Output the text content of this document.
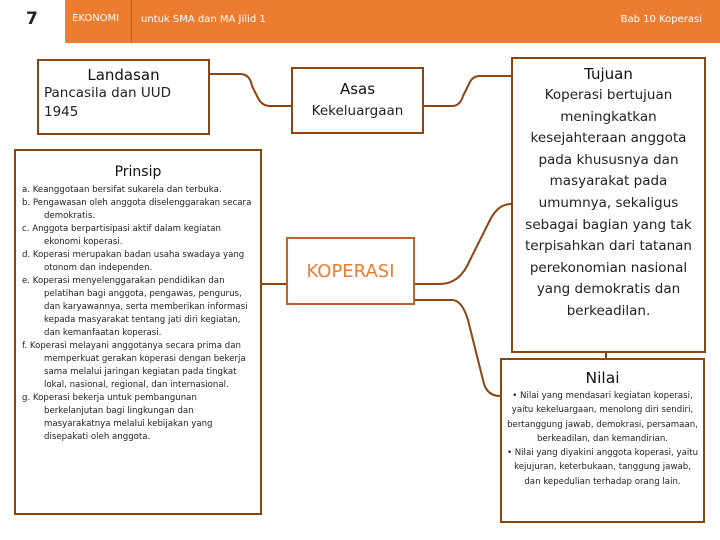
7	EKONOMI	untuk SMA dan MA Jilid 1	Bab 10 Koperasi
Landasan
Pancasila dan UUD 1945
Prinsip
a. Keanggotaan bersifat sukarela dan terbuka.
b. Pengawasan oleh anggota diselenggarakan secara demokratis.
c. Anggota berpartisipasi aktif dalam kegiatan ekonomi koperasi.
d. Koperasi merupakan badan usaha swadaya yang otonom dan independen.
e. Koperasi menyelenggarakan pendidikan dan pelatihan bagi anggota, pengawas, pengurus, dan karyawannya, serta memberikan informasi kepada masyarakat tentang jati diri kegiatan, dan kemanfaatan koperasi.
f. Koperasi melayani anggotanya secara prima dan memperkuat gerakan koperasi dengan bekerja sama melalui jaringan kegiatan pada tingkat lokal, nasional, regional, dan internasional.
g. Koperasi bekerja untuk pembangunan berkelanjutan bagi lingkungan dan masyarakatnya melalui kebijakan yang disepakati oleh anggota.
Asas
Kekeluargaan
KOPERASI
Tujuan
Koperasi bertujuan meningkatkan kesejahteraan anggota pada khususnya dan masyarakat pada umumnya, sekaligus sebagai bagian yang tak terpisahkan dari tatanan perekonomian nasional yang demokratis dan berkeadilan.
Nilai
• Nilai yang mendasari kegiatan koperasi, yaitu kekeluargaan, menolong diri sendiri, bertanggung jawab, demokrasi, persamaan, berkeadilan, dan kemandirian.
• Nilai yang diyakini anggota koperasi, yaitu kejujuran, keterbukaan, tanggung jawab, dan kepedulian terhadap orang lain.
